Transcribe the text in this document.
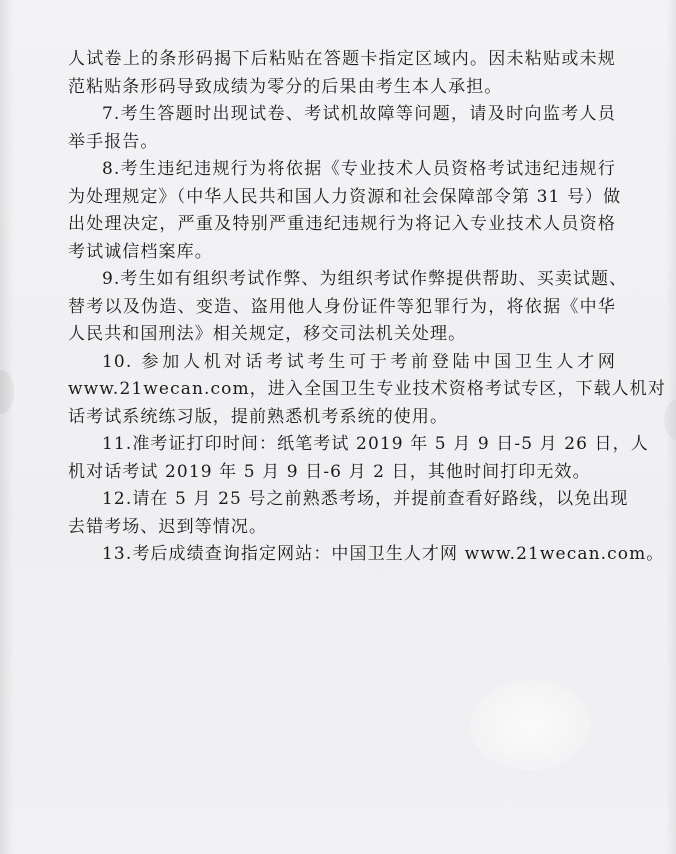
人试卷上的条形码揭下后粘贴在答题卡指定区域内。因未粘贴或未规
范粘贴条形码导致成绩为零分的后果由考生本人承担。
7.考生答题时出现试卷、考试机故障等问题，请及时向监考人员
举手报告。
8.考生违纪违规行为将依据《专业技术人员资格考试违纪违规行
为处理规定》（中华人民共和国人力资源和社会保障部令第 31 号）做
出处理决定，严重及特别严重违纪违规行为将记入专业技术人员资格
考试诚信档案库。
9.考生如有组织考试作弊、为组织考试作弊提供帮助、买卖试题、
替考以及伪造、变造、盗用他人身份证件等犯罪行为，将依据《中华
人民共和国刑法》相关规定，移交司法机关处理。
10. 参加人机对话考试考生可于考前登陆中国卫生人才网
www.21wecan.com，进入全国卫生专业技术资格考试专区，下载人机对
话考试系统练习版，提前熟悉机考系统的使用。
11.准考证打印时间：纸笔考试 2019 年 5 月 9 日-5 月 26 日，人
机对话考试 2019 年 5 月 9 日-6 月 2 日，其他时间打印无效。
12.请在 5 月 25 号之前熟悉考场，并提前查看好路线，以免出现
去错考场、迟到等情况。
13.考后成绩查询指定网站：中国卫生人才网 www.21wecan.com。
